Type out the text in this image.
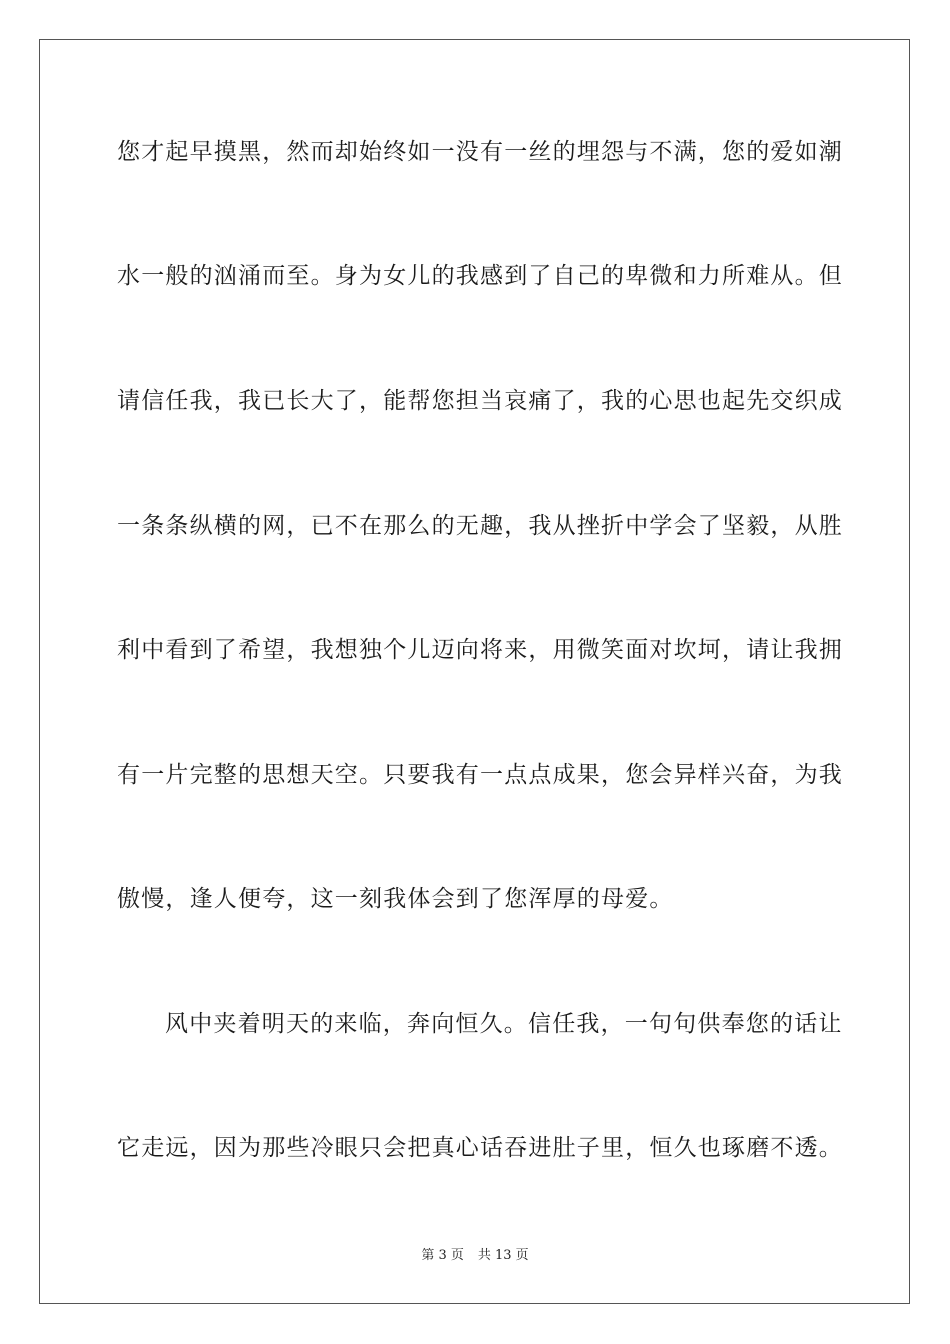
您才起早摸黑，然而却始终如一没有一丝的埋怨与不满，您的爱如潮
水一般的汹涌而至。身为女儿的我感到了自己的卑微和力所难从。但
请信任我，我已长大了，能帮您担当哀痛了，我的心思也起先交织成
一条条纵横的网，已不在那么的无趣，我从挫折中学会了坚毅，从胜
利中看到了希望，我想独个儿迈向将来，用微笑面对坎坷，请让我拥
有一片完整的思想天空。只要我有一点点成果，您会异样兴奋，为我
傲慢，逢人便夸，这一刻我体会到了您浑厚的母爱。
风中夹着明天的来临，奔向恒久。信任我，一句句供奉您的话让
它走远，因为那些冷眼只会把真心话吞进肚子里，恒久也琢磨不透。
第 3 页 共 13 页
